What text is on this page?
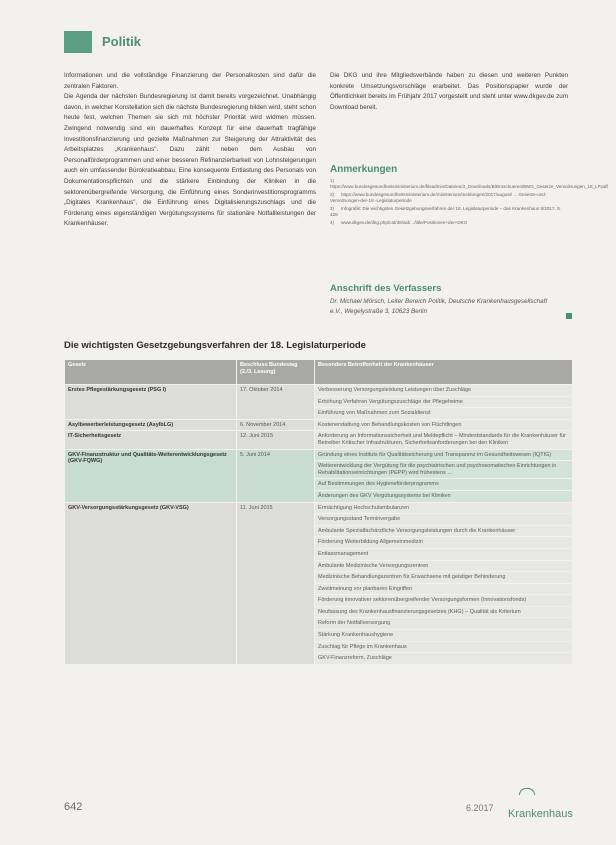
Politik

Informationen und die vollständige Finanzierung der Personalkosten sind dafür die zentralen Faktoren.

Die Agenda der nächsten Bundesregierung ist damit bereits vorgezeichnet. Unabhängig davon, in welcher Konstellation sich die nächste Bundesregierung bilden wird, steht schon heute fest, welchen Themen sie sich mit höchster Priorität wird widmen müssen. Zwingend notwendig sind ein dauerhaftes Konzept für eine dauerhaft tragfähige Investitionsfinanzierung und gezielte Maßnahmen zur Steigerung der Attraktivität des Arbeitsplatzes „Krankenhaus". Dazu zählt neben dem Ausbau von Personalförderprogrammen und einer besseren Refinanzierbarkeit von Lohnsteigerungen auch ein umfassender Bürokratieabbau. Eine konsequente Entlastung des Personals von Dokumentationspflichten und die stärkere Einbindung der Kliniken in die sektorenübergreifende Versorgung, die Einführung eines Sonderinvestitionsprogramms „Digitales Krankenhaus", die Einführung eines Digitalisierungszuschlags und die Förderung eines eigenständigen Vergütungssystems für stationäre Notfallleistungen der Krankenhäuser.

Die DKG und ihre Mitgliedsverbände haben zu diesen und weiteren Punkten konkrete Umsetzungsvorschläge erarbeitet. Das Positionspapier wurde der Öffentlichkeit bereits im Frühjahr 2017 vorgestellt und steht unter www.dkgev.de zum Download bereit.

Anmerkungen
1)https://www.bundesgesundheitsministerium.de/fileadmin/Dateien/3_Downloads/B/Broschueren/BMG_Gesetze_Verordnungen_18_LP.pdf
2) https://www.bundesgesundheitsministerium.de/ministerium/meldungen/2017/august/ ... Gesetze-und-Verordnungen-der-18.-Legislaturperiode
3) Infografik: Die wichtigsten Gesetzgebungsverfahren der 18. Legislaturperiode – das Krankenhaus 5/2017, S. 428
4) www.dkgev.de/dkg.php/cat/38/aid/.../title/Positionen+der+DKG
Anschrift des Verfassers
Dr. Michael Mörsch, Leiter Bereich Politik, Deutsche Krankenhausgesellschaft e.V., Wegelystraße 3, 10623 Berlin
Die wichtigsten Gesetzgebungsverfahren der 18. Legislaturperiode
Gesetz	Beschluss Bundestag (2./3. Lesung)	Besonders Betroffenheit der Krankenhäuser
Erstes Pflegestärkungsgesetz (PSG I)	17. Oktober 2014	Verbesserung Versorgungsleistung Leistungen über Zuschläge
		Erhöhung Verfahren Vergütungszuschläge der Pflegeheime
		Einführung von Maßnahmen zum Sozialdienst
Asylbewerberleistungsgesetz (AsylbLG)	6. November 2014	Kostenerstattung von Behandlungskosten von Flüchtlingen
IT-Sicherheitsgesetz	12. Juni 2015	Anforderung an Informationssicherheit und Meldepflicht – Mindeststandards für die Krankenhäuser für Betreiber Kritischer Infrastrukturen, Sicherheitsanforderungen bei den Kliniken
GKV-Finanzstruktur und Qualitäts-Weiterentwicklungsgesetz (GKV-FQWG)	5. Juni 2014	Gründung eines Instituts für Qualitätssicherung und Transparenz im Gesundheitswesen (IQTIG)
		Weiterentwicklung der Vergütung für die psychiatrischen und psychosomatischen Einrichtungen in Rehabilitationseinrichtungen (PEPP) wird frühestens ...
		Auf Bestimmungen des Hygieneförderprogramms
		Änderungen des GKV Vergütungssystems bei Kliniken
GKV-Versorgungsstärkungsgesetz (GKV-VSG)	11. Juni 2015	Ermächtigung Hochschulambulanzen
		Versorgungsstand Terminvergabe
		Ambulante Spezialfachärztliche Versorgungsleistungen durch die Krankenhäuser
		Förderung Weiterbildung Allgemeinmedizin
		Entlassmanagement
		Ambulante Medizinische Versorgungszentren
		Medizinische Behandlungszentren für Erwachsene mit geistiger Behinderung
		Zweitmeinung vor planbaren Eingriffen
		Förderung innovativer sektorenübergreifender Versorgungsformen (Innovationsfonds)
		Neufassung des Krankenhausfinanzierungsgesetzes (KHG) – Qualität als Kriterium
		Reform der Notfallversorgung
		Stärkung Krankenhaushygiene
		Zuschlag für Pflege im Krankenhaus
		GKV-Finanzreform, Zuschläge
642	6.2017 Krankenhaus
